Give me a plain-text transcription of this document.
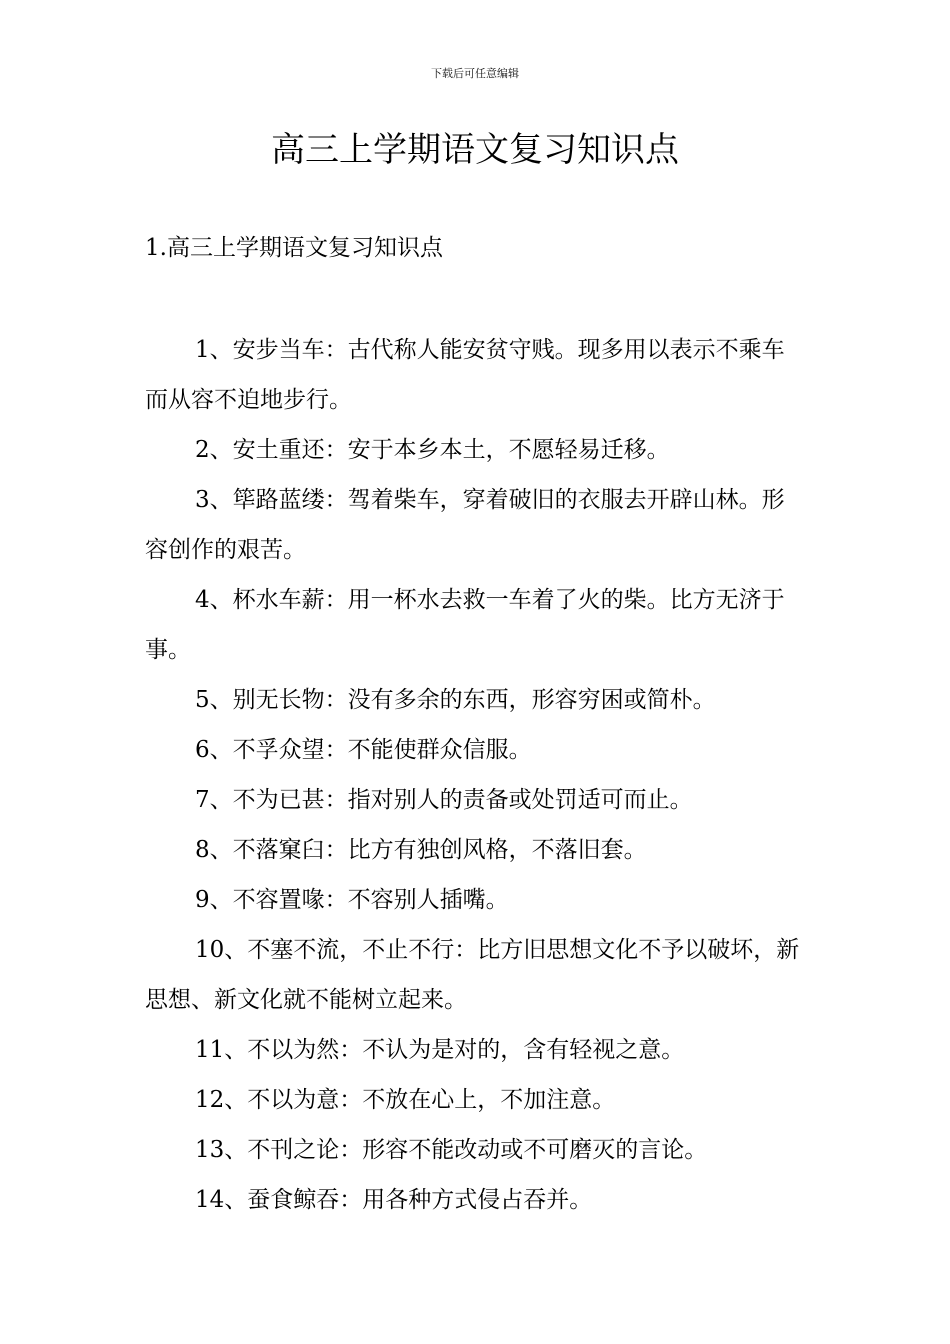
下载后可任意编辑
高三上学期语文复习知识点

1.高三上学期语文复习知识点

1、安步当车：古代称人能安贫守贱。现多用以表示不乘车而从容不迫地步行。
2、安土重还：安于本乡本土，不愿轻易迁移。
3、筚路蓝缕：驾着柴车，穿着破旧的衣服去开辟山林。形容创作的艰苦。
4、杯水车薪：用一杯水去救一车着了火的柴。比方无济于事。
5、别无长物：没有多余的东西，形容穷困或简朴。
6、不孚众望：不能使群众信服。
7、不为已甚：指对别人的责备或处罚适可而止。
8、不落窠臼：比方有独创风格，不落旧套。
9、不容置喙：不容别人插嘴。
10、不塞不流，不止不行：比方旧思想文化不予以破坏，新思想、新文化就不能树立起来。
11、不以为然：不认为是对的，含有轻视之意。
12、不以为意：不放在心上，不加注意。
13、不刊之论：形容不能改动或不可磨灭的言论。
14、蚕食鲸吞：用各种方式侵占吞并。
